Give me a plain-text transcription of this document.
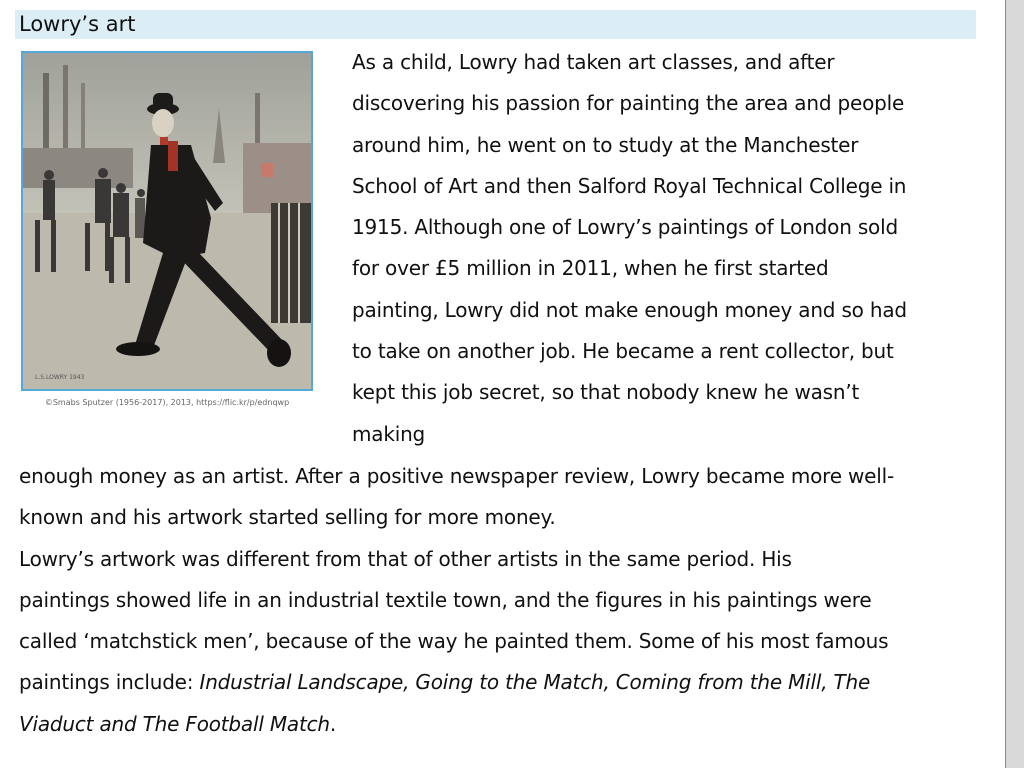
Lowry’s art
L.S.LOWRY 1943
©Smabs Sputzer (1956-2017), 2013, https://flic.kr/p/ednqwp
As a child, Lowry had taken art classes, and after
discovering his passion for painting the area and people
around him, he went on to study at the Manchester
School of Art and then Salford Royal Technical College in
1915. Although one of Lowry’s paintings of London sold
for over £5 million in 2011, when he first started
painting, Lowry did not make enough money and so had
to take on another job. He became a rent collector, but
kept this job secret, so that nobody knew he wasn’t
making
enough money as an artist. After a positive newspaper review, Lowry became more well-
known and his artwork started selling for more money.
Lowry’s artwork was different from that of other artists in the same period. His
paintings showed life in an industrial textile town, and the figures in his paintings were
called ‘matchstick men’, because of the way he painted them. Some of his most famous
paintings include: Industrial Landscape, Going to the Match, Coming from the Mill, The
Viaduct and The Football Match.
